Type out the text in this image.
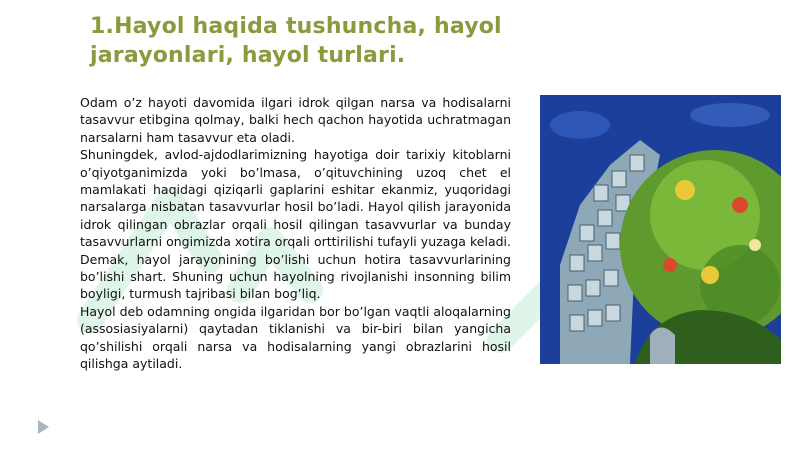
1.Hayol haqida tushuncha, hayol jarayonlari, hayol turlari.

Odam o’z hayoti davomida ilgari idrok qilgan narsa va hodisalarni tasavvur etibgina qolmay, balki hech qachon hayotida uchratmagan narsalarni ham tasavvur eta oladi.

Shuningdek, avlod-ajdodlarimizning hayotiga doir tarixiy kitoblarni o’qiyotganimizda yoki bo’lmasa, o’qituvchining uzoq chet el mamlakati haqidagi qiziqarli gaplarini eshitar ekanmiz, yuqoridagi narsalarga nisbatan tasavvurlar hosil bo’ladi. Hayol qilish jarayonida idrok qilingan obrazlar orqali hosil qilingan tasavvurlar va bunday tasavvurlarni ongimizda xotira orqali orttirilishi tufayli yuzaga keladi. Demak, hayol jarayonining bo’lishi uchun hotira tasavvurlarining bo’lishi shart. Shuning uchun hayolning rivojlanishi insonning bilim boyligi, turmush tajribasi bilan bog’liq.

Hayol deb odamning ongida ilgaridan bor bo’lgan vaqtli aloqalarning (assosiasiyalarni) qaytadan tiklanishi va bir-biri bilan yangicha qo’shilishi orqali narsa va hodisalarning yangi obrazlarini hosil qilishga aytiladi.
